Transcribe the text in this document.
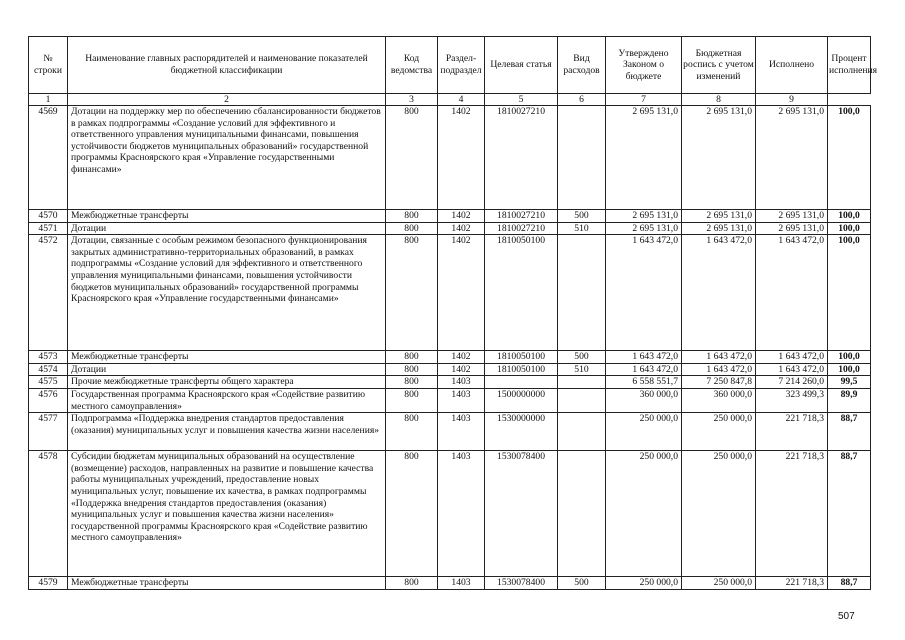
№ строки	Наименование главных распорядителей и наименование показателей бюджетной классификации	Код ведомства	Раздел-подраздел	Целевая статья	Вид расходов	Утверждено Законом о бюджете	Бюджетная роспись с учетом изменений	Исполнено	Процент исполнения
1	2	3	4	5	6	7	8	9	
4569	Дотации на поддержку мер по обеспечению сбалансированности бюджетов в рамках подпрограммы «Создание условий для эффективного и ответственного управления муниципальными финансами, повышения устойчивости бюджетов муниципальных образований» государственной программы Красноярского края «Управление государственными финансами»	800	1402	1810027210		2 695 131,0	2 695 131,0	2 695 131,0	100,0
4570	Межбюджетные трансферты	800	1402	1810027210	500	2 695 131,0	2 695 131,0	2 695 131,0	100,0
4571	Дотации	800	1402	1810027210	510	2 695 131,0	2 695 131,0	2 695 131,0	100,0
4572	Дотации, связанные с особым режимом безопасного функционирования закрытых административно-территориальных образований, в рамках подпрограммы «Создание условий для эффективного и ответственного управления муниципальными финансами, повышения устойчивости бюджетов муниципальных образований» государственной программы Красноярского края «Управление государственными финансами»	800	1402	1810050100		1 643 472,0	1 643 472,0	1 643 472,0	100,0
4573	Межбюджетные трансферты	800	1402	1810050100	500	1 643 472,0	1 643 472,0	1 643 472,0	100,0
4574	Дотации	800	1402	1810050100	510	1 643 472,0	1 643 472,0	1 643 472,0	100,0
4575	Прочие межбюджетные трансферты общего характера	800	1403			6 558 551,7	7 250 847,8	7 214 260,0	99,5
4576	Государственная программа Красноярского края «Содействие развитию местного самоуправления»	800	1403	1500000000		360 000,0	360 000,0	323 499,3	89,9
4577	Подпрограмма «Поддержка внедрения стандартов предоставления (оказания) муниципальных услуг и повышения качества жизни населения»	800	1403	1530000000		250 000,0	250 000,0	221 718,3	88,7
4578	Субсидии бюджетам муниципальных образований на осуществление (возмещение) расходов, направленных на развитие и повышение качества работы муниципальных учреждений, предоставление новых муниципальных услуг, повышение их качества, в рамках подпрограммы «Поддержка внедрения стандартов предоставления (оказания) муниципальных услуг и повышения качества жизни населения» государственной программы Красноярского края «Содействие развитию местного самоуправления»	800	1403	1530078400		250 000,0	250 000,0	221 718,3	88,7
4579	Межбюджетные трансферты	800	1403	1530078400	500	250 000,0	250 000,0	221 718,3	88,7
507
